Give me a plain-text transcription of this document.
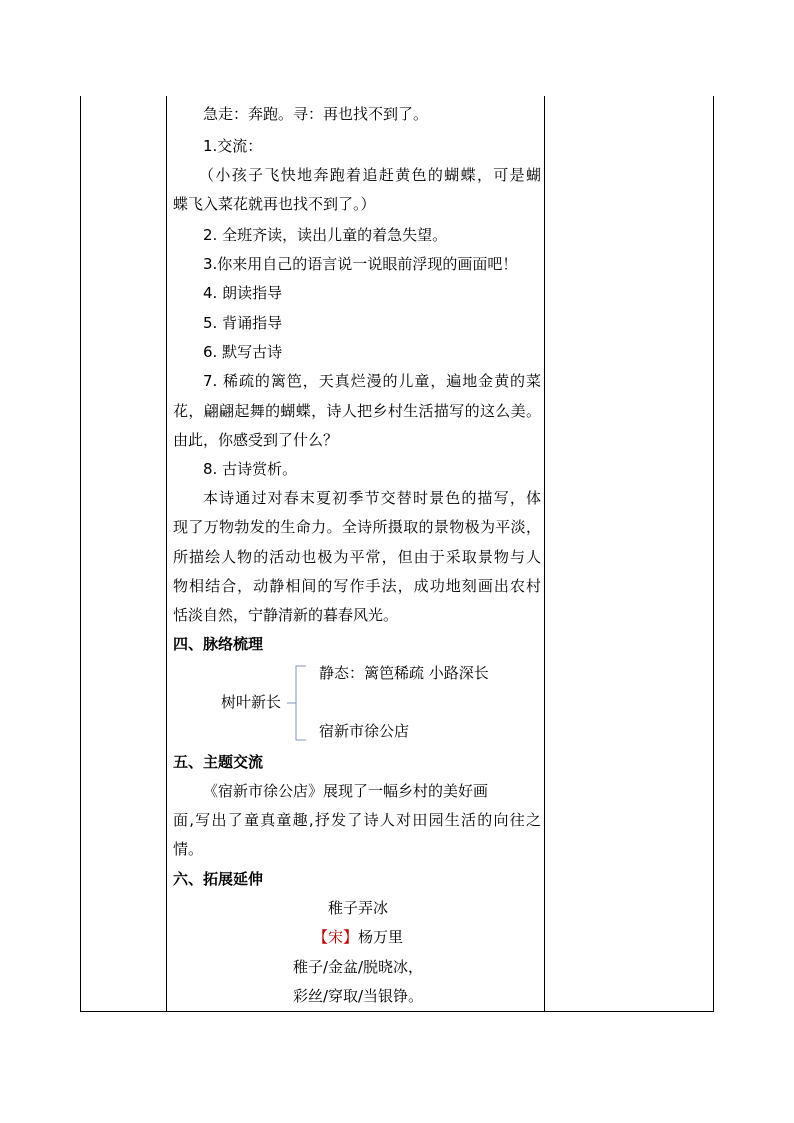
急走：奔跑。寻：再也找不到了。
1.交流：
（小孩子飞快地奔跑着追赶黄色的蝴蝶，可是蝴
蝶飞入菜花就再也找不到了。）
2. 全班齐读，读出儿童的着急失望。
3.你来用自己的语言说一说眼前浮现的画面吧！
4. 朗读指导
5. 背诵指导
6. 默写古诗
7. 稀疏的篱笆，天真烂漫的儿童，遍地金黄的菜
花，翩翩起舞的蝴蝶，诗人把乡村生活描写的这么美。
由此，你感受到了什么？
8. 古诗赏析。
本诗通过对春末夏初季节交替时景色的描写，体
现了万物勃发的生命力。全诗所摄取的景物极为平淡，
所描绘人物的活动也极为平常，但由于采取景物与人
物相结合，动静相间的写作手法，成功地刻画出农村
恬淡自然，宁静清新的暮春风光。
四、脉络梳理
树叶新长
静态：篱笆稀疏 小路深长
宿新市徐公店
五、主题交流
《宿新市徐公店》展现了一幅乡村的美好画
面,写出了童真童趣,抒发了诗人对田园生活的向往之
情。
六、拓展延伸
稚子弄冰
【宋】杨万里
稚子/金盆/脱晓冰，
彩丝/穿取/当银铮。
